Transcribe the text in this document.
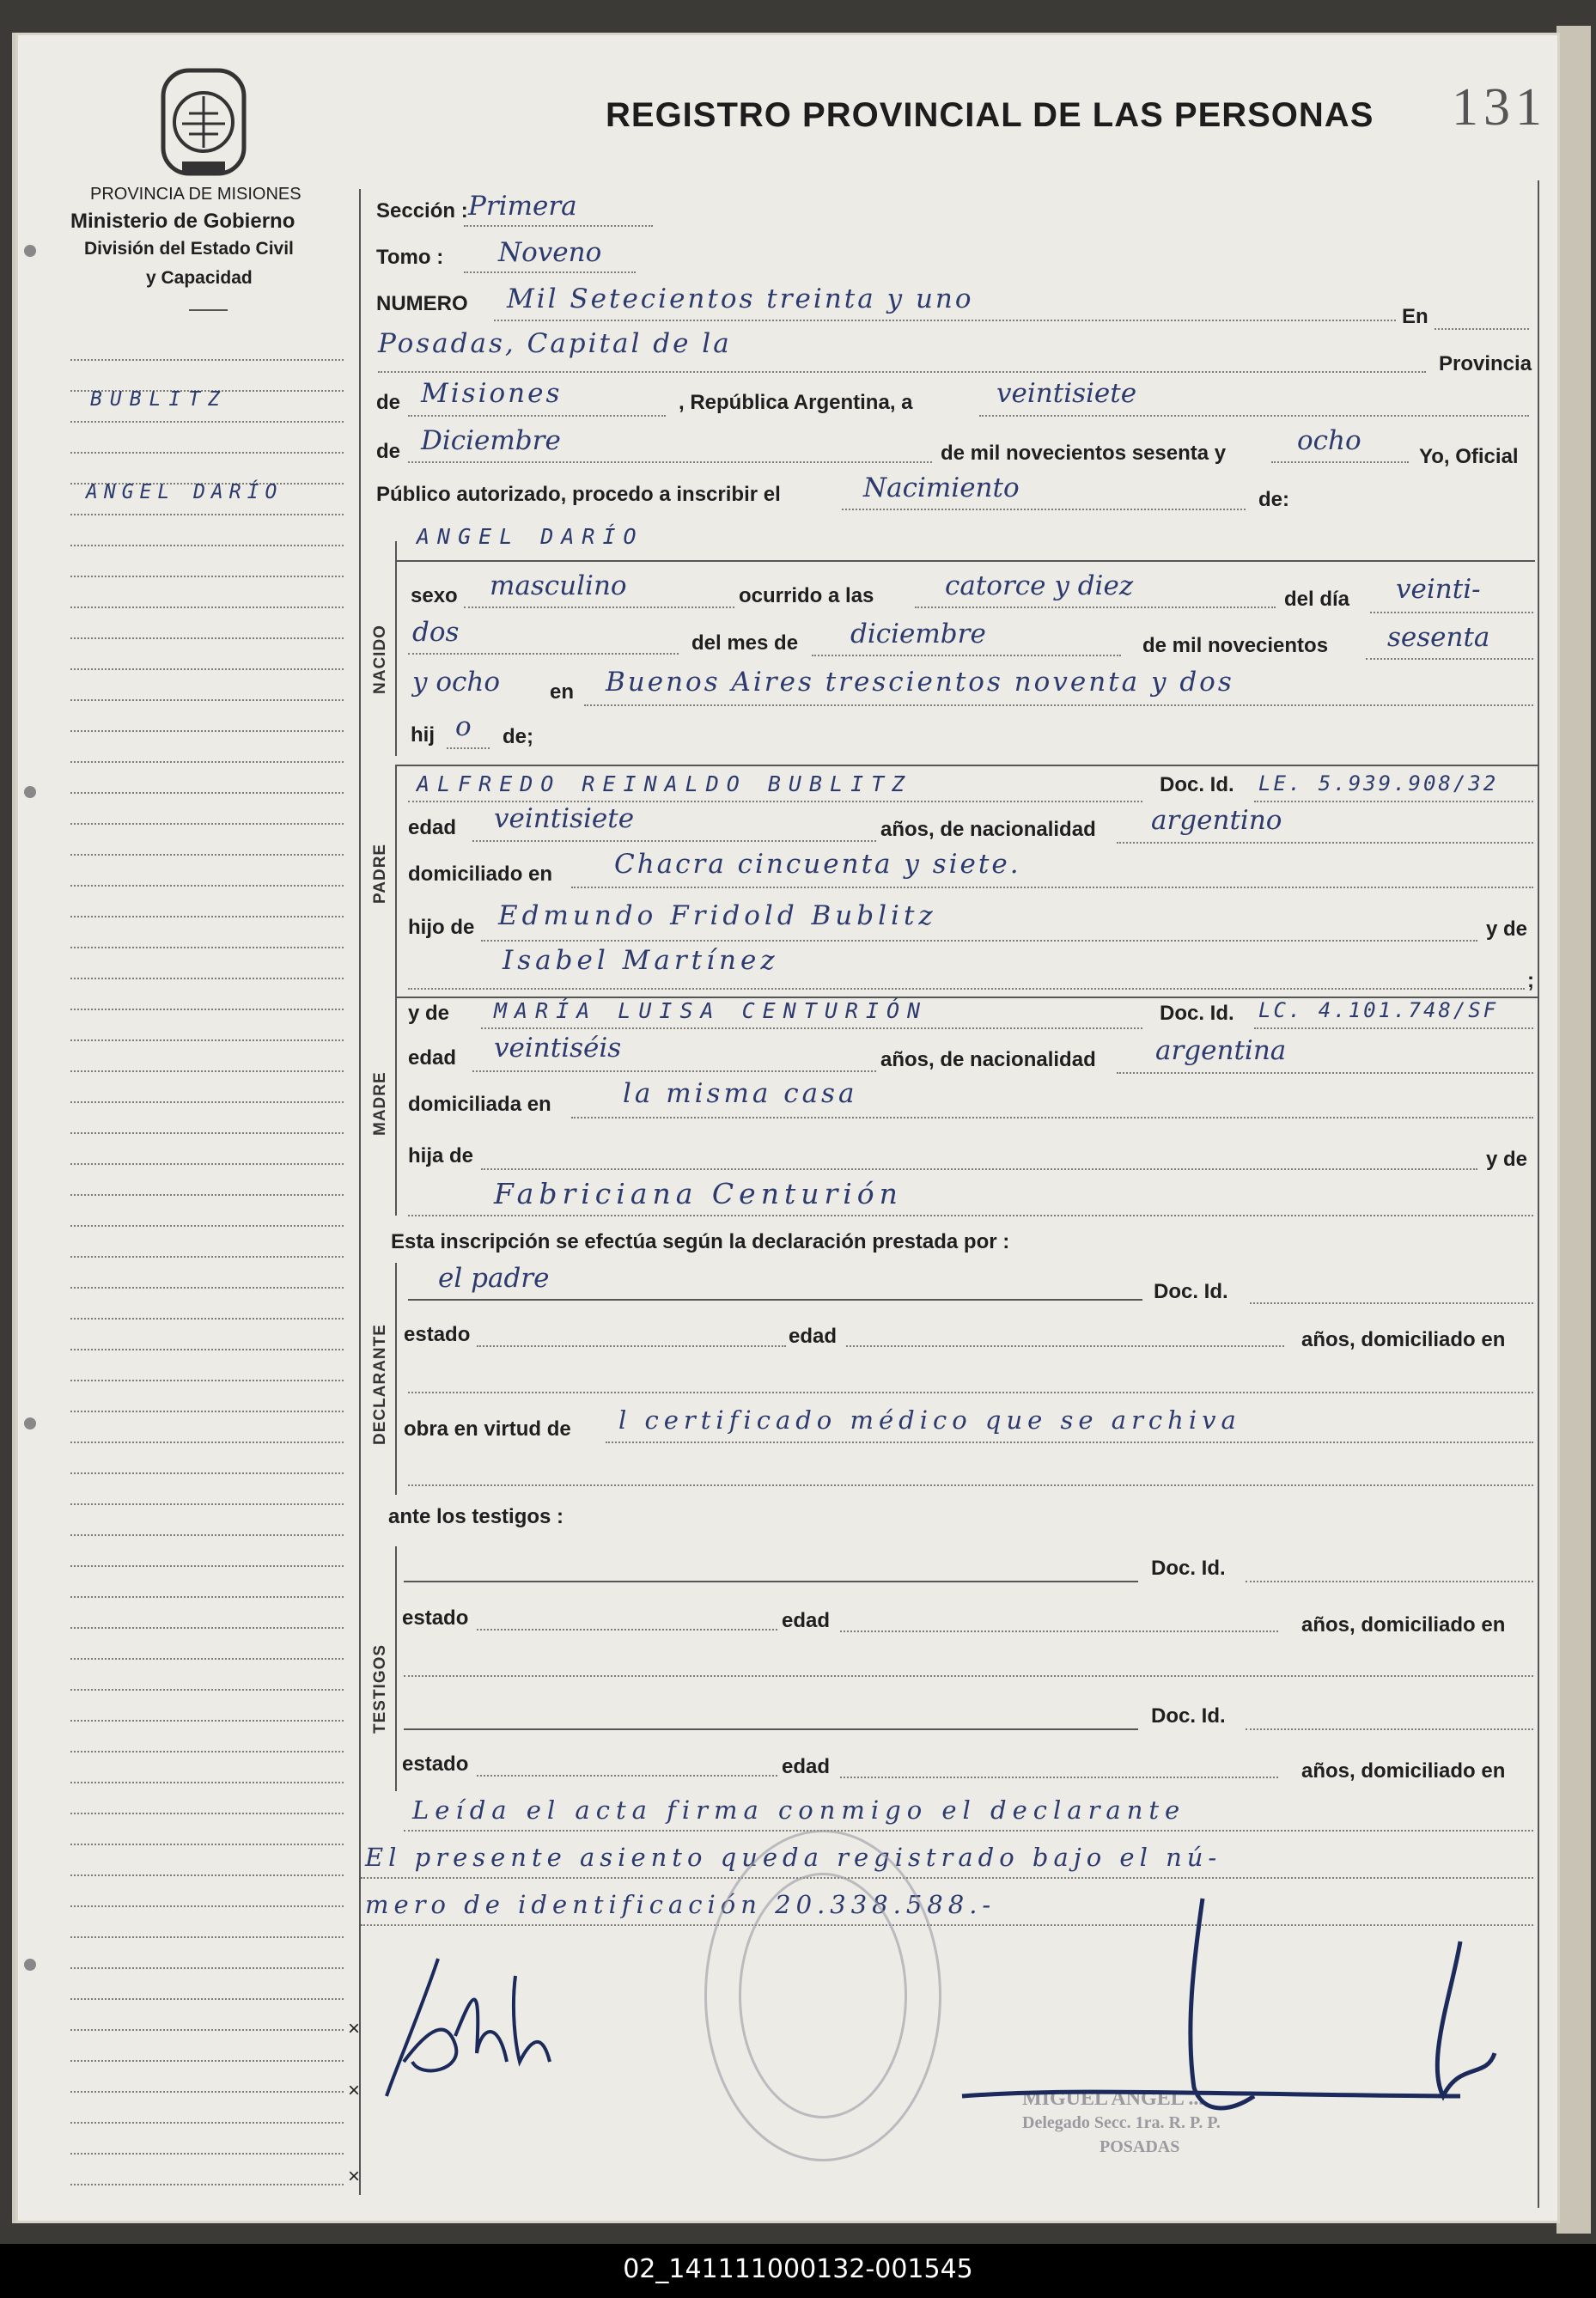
PROVINCIA DE MISIONES
Ministerio de Gobierno
División del Estado Civil
y Capacidad
REGISTRO PROVINCIAL DE LAS PERSONAS 131
BUBLITZ
ANGEL DARÍO
Sección : Primera
Tomo : Noveno
NUMERO Mil Setecientos treinta y uno
En
Posadas, Capital de la
Provincia
de Misiones	, República Argentina, a	veintisiete
de Diciembre	de mil novecientos sesenta y	ocho
Yo, Oficial
Público autorizado, procedo a inscribir el	Nacimiento	de:
NACIDO
ANGEL DARÍO
sexo masculino	ocurrido a las	catorce y diez	del día veinti-
dos	del mes de diciembre	de mil novecientos sesenta
y ocho en Buenos Aires trescientos noventa y dos
hij o de;
PADRE
ALFREDO REINALDO BUBLITZ	Doc. Id. LE. 5.939.908/32
edad veintisiete	años, de nacionalidad argentino
domiciliado en Chacra cincuenta y siete.
hijo de Edmundo Fridold Bublitz	y de
Isabel Martínez
;
MADRE
y de MARÍA LUISA CENTURIÓN	Doc. Id. LC. 4.101.748/SF
edad veintiséis	años, de nacionalidad argentina
domiciliada en	la misma casa
hija de	y de
Fabriciana Centurión
Esta inscripción se efectúa según la declaración prestada por :
DECLARANTE
el padre	Doc. Id.
estado	edad	años, domiciliado en
obra en virtud de l certificado médico que se archiva
ante los testigos :
TESTIGOS
Doc. Id.
estado	edad	años, domiciliado en
Doc. Id.
estado	edad	años, domiciliado en
Leída el acta firma conmigo el declarante
El presente asiento queda registrado bajo el nú-
mero de identificación 20.338.588.-
MIGUEL ANGEL ...
Delegado Secc. 1ra. R. P. P.
POSADAS
×
×
×
02_141111000132-001545
